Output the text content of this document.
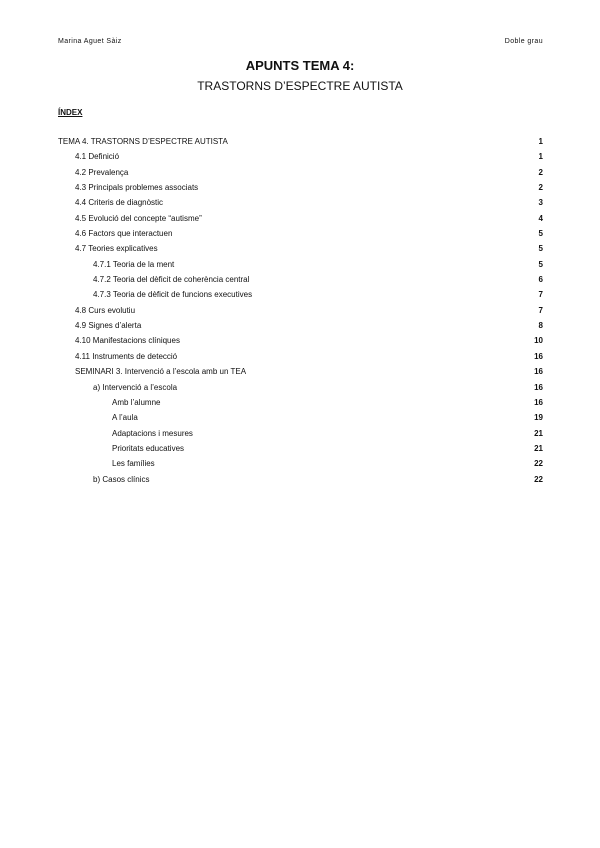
Marina Aguet Sàiz	Doble grau
APUNTS TEMA 4:
TRASTORNS D’ESPECTRE AUTISTA
ÍNDEX
TEMA 4. TRASTORNS D’ESPECTRE AUTISTA	1
4.1 Definició	1
4.2 Prevalença	2
4.3 Principals problemes associats	2
4.4 Criteris de diagnòstic	3
4.5 Evolució del concepte “autisme”	4
4.6 Factors que interactuen	5
4.7 Teories explicatives	5
4.7.1 Teoria de la ment	5
4.7.2 Teoria del dèficit de coherència central	6
4.7.3 Teoria de dèficit de funcions executives	7
4.8 Curs evolutiu	7
4.9 Signes d’alerta	8
4.10 Manifestacions clíniques	10
4.11 Instruments de detecció	16
SEMINARI 3. Intervenció a l’escola amb un TEA	16
a) Intervenció a l’escola	16
Amb l’alumne	16
A l’aula	19
Adaptacions i mesures	21
Prioritats educatives	21
Les famílies	22
b) Casos clínics	22
